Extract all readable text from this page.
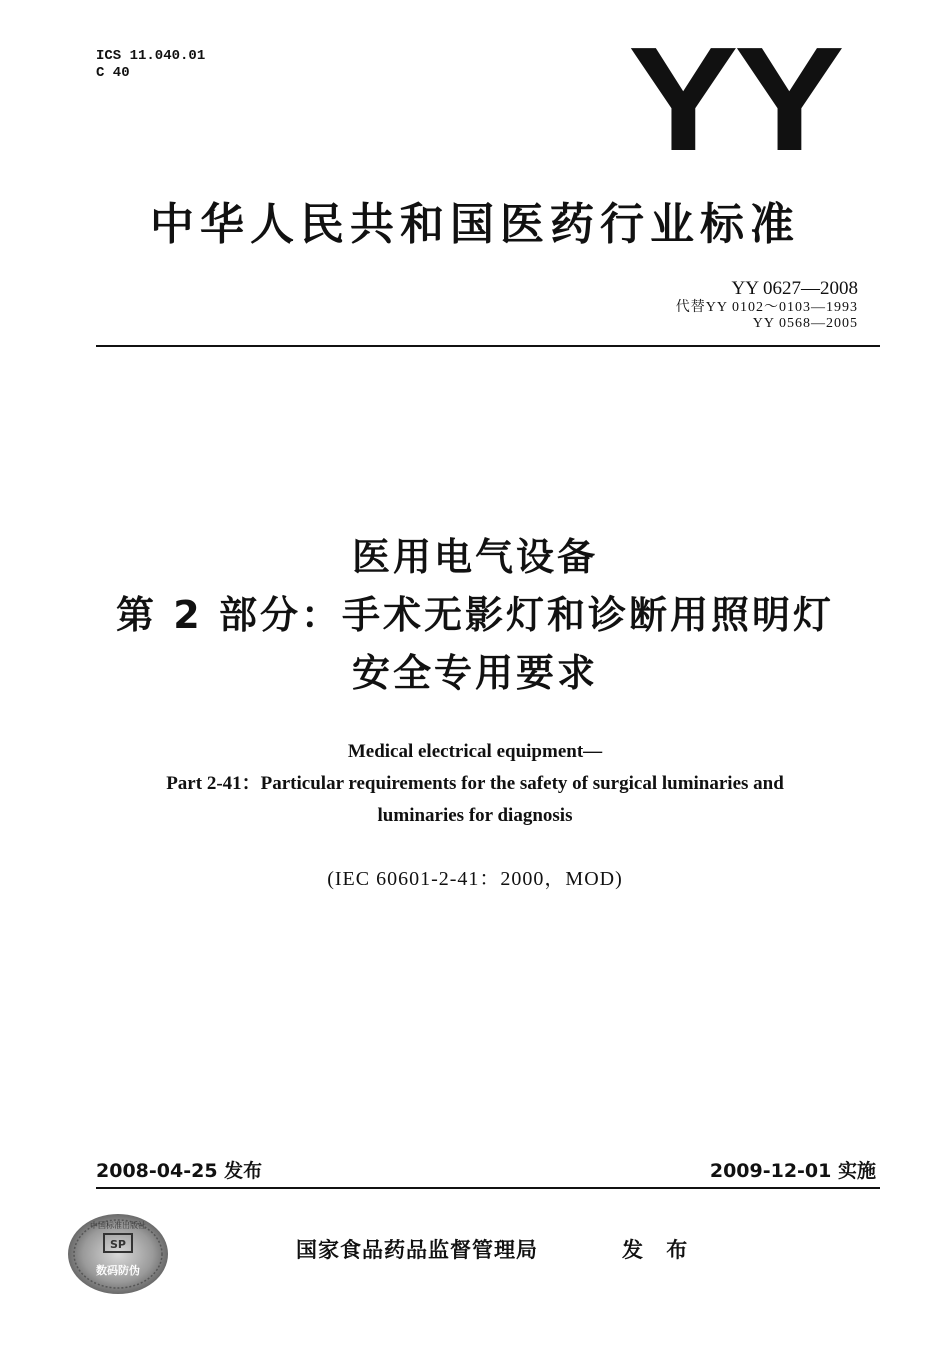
ICS 11.040.01
C 40	YY
中华人民共和国医药行业标准
YY 0627—2008
代替YY 0102～0103—1993
YY 0568—2005
医用电气设备
第 2 部分：手术无影灯和诊断用照明灯
安全专用要求
Medical electrical equipment—
Part 2-41：Particular requirements for the safety of surgical luminaries and
luminaries for diagnosis
(IEC 60601-2-41：2000，MOD)
2008-04-25 发布	2009-12-01 实施
SP
中国标准出版社
数码防伪
国家食品药品监督管理局	发 布
